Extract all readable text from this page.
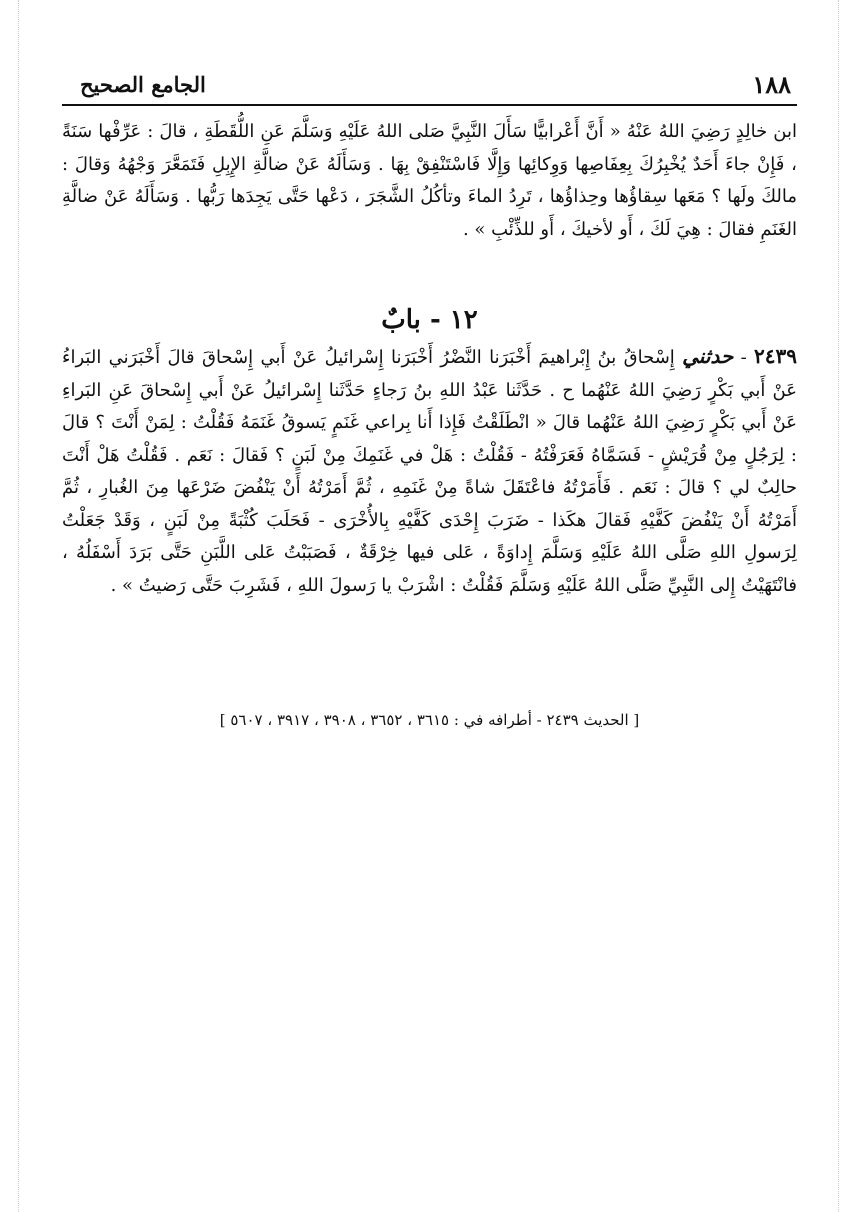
١٨٨
الجامع الصحيح

ابن خالِدٍ رَضِيَ اللهُ عَنْهُ « أَنَّ أَعْرابيًّا سَأَلَ النَّبِيَّ صَلى اللهُ عَلَيْهِ وَسَلَّمَ عَنِ اللُّقَطَةِ ، قالَ : عَرِّفْها سَنَةً ، فَإِنْ جاءَ أَحَدٌ يُخْبِرُكَ بِعِفَاصِها وَوِكائِها وَإِلَّا فَاسْتَنْفِقْ بِهَا . وَسَأَلَهُ عَنْ ضالَّةِ الإِبِلِ فَتَمَعَّرَ وَجْهُهُ وَقالَ : مالكَ ولَها ؟ مَعَها سِقاؤُها وحِذاؤُها ، تَرِدُ الماءَ وتأكُلُ الشَّجَرَ ، دَعْها حَتَّى يَجِدَها رَبُّها . وَسَأَلَهُ عَنْ ضالَّةِ الغَنَمِ فقالَ : هِيَ لَكَ ، أَو لأخيكَ ، أَو للذِّئْبِ » .

١٢ - بابٌ

٢٤٣٩ - حدثني إِسْحاقُ بنُ إِبْراهيمَ أَخْبَرَنا النَّضْرُ أَخْبَرَنا إِسْرائيلُ عَنْ أَبي إِسْحاقَ قالَ أَخْبَرَني البَراءُ عَنْ أَبي بَكْرٍ رَضِيَ اللهُ عَنْهُما ح . حَدَّثَنا عَبْدُ اللهِ بنُ رَجاءٍ حَدَّثَنا إِسْرائيلُ عَنْ أَبي إِسْحاقَ عَنِ البَراءِ عَنْ أَبي بَكْرٍ رَضِيَ اللهُ عَنْهُما قالَ « انْطَلَقْتُ فَإِذا أَنا بِراعي غَنَمٍ يَسوقُ غَنَمَهُ فَقُلْتُ : لِمَنْ أَنْتَ ؟ قالَ : لِرَجُلٍ مِنْ قُرَيْشٍ - فَسَمَّاهُ فَعَرَفْتُهُ - فَقُلْتُ : هَلْ في غَنَمِكَ مِنْ لَبَنٍ ؟ فَقالَ : نَعَم . فَقُلْتُ هَلْ أَنْتَ حالِبٌ لي ؟ قالَ : نَعَم . فَأَمَرْتُهُ فاعْتَقَلَ شاةً مِنْ غَنَمِهِ ، ثُمَّ أَمَرْتُهُ أَنْ يَنْفُضَ ضَرْعَها مِنَ الغُبارِ ، ثُمَّ أَمَرْتُهُ أَنْ يَنْفُضَ كَفَّيْهِ فَقالَ هكَذا - ضَرَبَ إِحْدَى كَفَّيْهِ بِالأُخْرَى - فَحَلَبَ كُثْبَةً مِنْ لَبَنٍ ، وَقَدْ جَعَلْتُ لِرَسولِ اللهِ صَلَّى اللهُ عَلَيْهِ وَسَلَّمَ إِداوَةً ، عَلى فيها خِرْقَةٌ ، فَصَبَبْتُ عَلى اللَّبَنِ حَتَّى بَرَدَ أَسْفَلُهُ ، فانْتَهَيْتُ إِلى النَّبِيِّ صَلَّى اللهُ عَلَيْهِ وَسَلَّمَ فَقُلْتُ : اشْرَبْ يا رَسولَ اللهِ ، فَشَرِبَ حَتَّى رَضيتُ » .

[ الحديث ٢٤٣٩ - أطرافه في : ٣٦١٥ ، ٣٦٥٢ ، ٣٩٠٨ ، ٣٩١٧ ، ٥٦٠٧ ]
